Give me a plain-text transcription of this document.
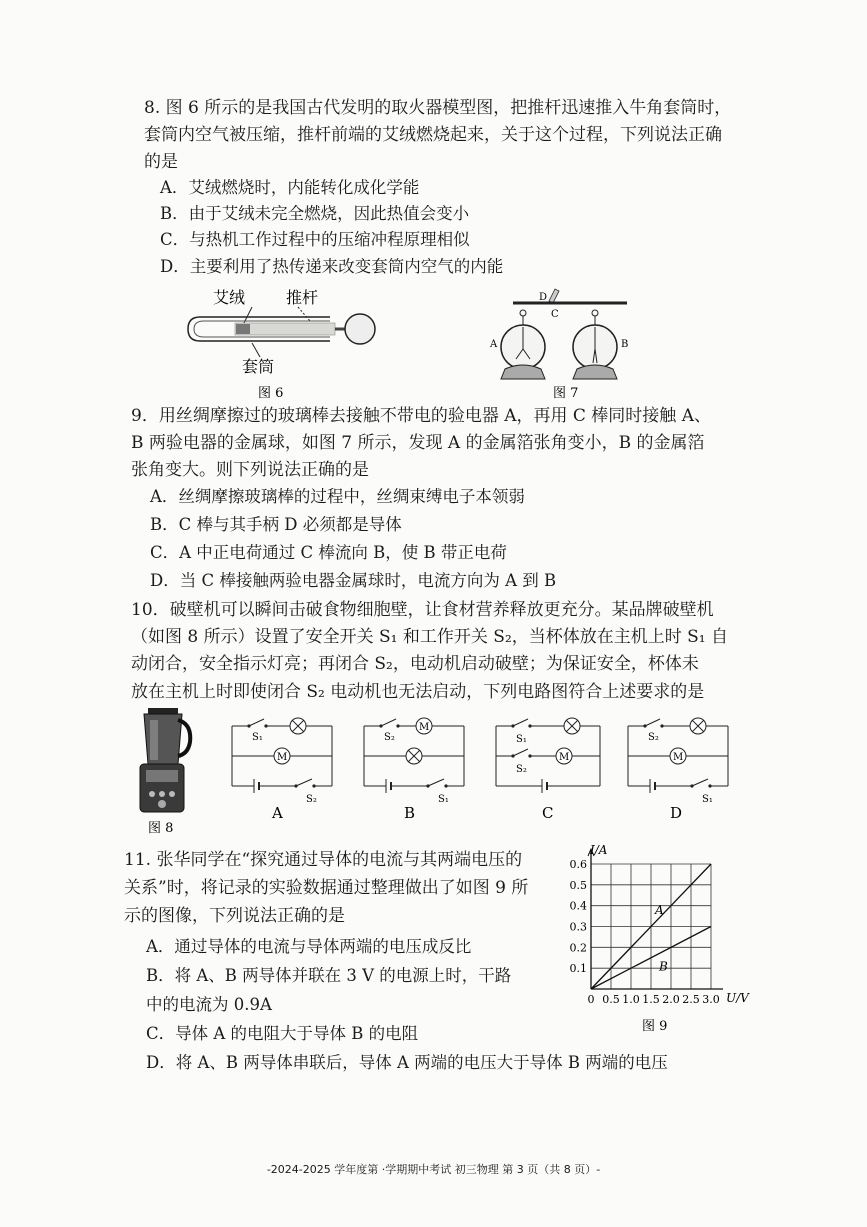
8. 图 6 所示的是我国古代发明的取火器模型图，把推杆迅速推入牛角套筒时，
套筒内空气被压缩，推杆前端的艾绒燃烧起来，关于这个过程，下列说法正确
的是
A．艾绒燃烧时，内能转化成化学能
B．由于艾绒未完全燃烧，因此热值会变小
C．与热机工作过程中的压缩冲程原理相似
D．主要利用了热传递来改变套筒内空气的内能
艾绒	推杆
套筒
图 6
D
C
A	B
图 7
9．用丝绸摩擦过的玻璃棒去接触不带电的验电器 A，再用 C 棒同时接触 A、
B 两验电器的金属球，如图 7 所示，发现 A 的金属箔张角变小，B 的金属箔
张角变大。则下列说法正确的是
A．丝绸摩擦玻璃棒的过程中，丝绸束缚电子本领弱
B．C 棒与其手柄 D 必须都是导体
C．A 中正电荷通过 C 棒流向 B，使 B 带正电荷
D．当 C 棒接触两验电器金属球时，电流方向为 A 到 B
10．破壁机可以瞬间击破食物细胞壁，让食材营养释放更充分。某品牌破壁机
（如图 8 所示）设置了安全开关 S₁ 和工作开关 S₂，当杯体放在主机上时 S₁ 自
动闭合，安全指示灯亮；再闭合 S₂，电动机启动破壁；为保证安全，杯体未
放在主机上时即使闭合 S₂ 电动机也无法启动，下列电路图符合上述要求的是
图 8
S₁
M
S₂
A
M
S₂
S₁
B
S₁
M
S₂
C
S₂
M
S₁
D
11. 张华同学在“探究通过导体的电流与其两端电压的
关系”时，将记录的实验数据通过整理做出了如图 9 所
示的图像，下列说法正确的是
A．通过导体的电流与导体两端的电压成反比
B．将 A、B 两导体并联在 3 V 的电源上时，干路
中的电流为 0.9A
C．导体 A 的电阻大于导体 B 的电阻
D．将 A、B 两导体串联后，导体 A 两端的电压大于导体 B 两端的电压
A
B
0.6
0.5
0.4
0.3
0.2
0.1
0 0.5 1.0 1.5 2.0 2.5 3.0
I/A
U/V
图 9
-2024-2025 学年度第 ·学期期中考试 初三物理 第 3 页（共 8 页）-
